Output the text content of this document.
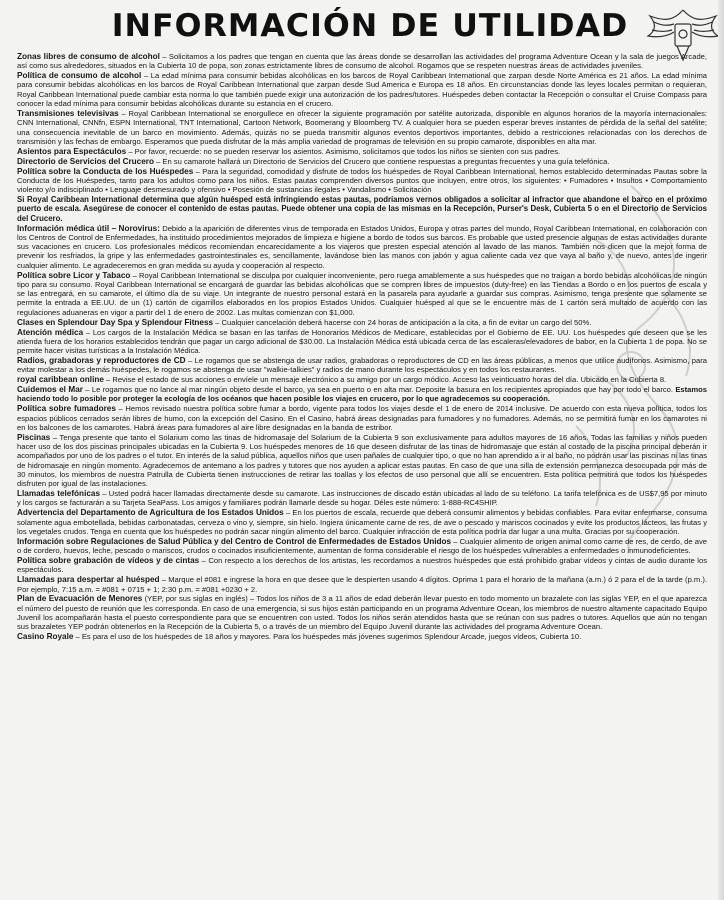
INFORMACIÓN DE UTILIDAD
Zonas libres de consumo de alcohol – Solicitamos a los padres que tengan en cuenta que las áreas donde se desarrollan las actividades del programa Adventure Ocean y la sala de juegos Arcade, así como sus alrededores, situados en la Cubierta 10 de popa, son zonas estrictamente libres de consumo de alcohol. Rogamos que se respeten nuestras áreas de actividades juveniles.
Política de consumo de alcohol – La edad mínima para consumir bebidas alcohólicas en los barcos de Royal Caribbean International que zarpan desde Norte América es 21 años. La edad mínima para consumir bebidas alcohólicas en los barcos de Royal Caribbean International que zarpan desde Sud America e Europa es 18 años. En circunstancias donde las leyes locales permitan o requieran, Royal Caribbean International puede cambiar esta norma lo que también puede exigir una autorización de los padres/tutores. Huéspedes deben contactar la Recepción o consultar el Cruise Compass para conocer la edad mínima para consumir bebidas alcohólicas durante su estancia en el crucero.
Transmisiones televisivas – Royal Caribbean International se enorgullece en ofrecer la siguiente programación por satélite autorizada, disponible en algunos horarios de la mayoría internacionales: CNN International, CNNfn, ESPN International, TNT International, Cartoon Network, Boomerang y Bloomberg TV. A cualquier hora se pueden esperar breves instantes de pérdida de la señal del satélite; una consecuencia inevitable de un barco en movimiento. Además, quizás no se pueda transmitir algunos eventos deportivos importantes, debido a restricciones relacionadas con los derechos de transmisión y las fechas de embargo. Esperamos que pueda disfrutar de la más amplia variedad de programas de televisión en su propio camarote, disponibles en alta mar.
Asientos para Espectáculos – Por favor, recuerde: no se pueden reservar los asientos. Asimismo, solicitamos que todos los niños se sienten con sus padres.
Directorio de Servicios del Crucero – En su camarote hallará un Directorio de Servicios del Crucero que contiene respuestas a preguntas frecuentes y una guía telefónica.
Política sobre la Conducta de los Huéspedes – Para la seguridad, comodidad y disfrute de todos los huéspedes de Royal Caribbean International, hemos establecido determinadas Pautas sobre la Conducta de los Huéspedes, tanto para los adultos como para los niños. Estas pautas comprenden diversos puntos que incluyen, entre otros, los siguientes: • Fumadores • Insultos • Comportamiento violento y/o indisciplinado • Lenguaje desmesurado y ofensivo • Posesión de sustancias ilegales • Vandalismo • Solicitación
Si Royal Caribbean International determina que algún huésped está infringiendo estas pautas, podríamos vernos obligados a solicitar al infractor que abandone el barco en el próximo puerto de escala. Asegúrese de conocer el contenido de estas pautas. Puede obtener una copia de las mismas en la Recepción, Purser's Desk, Cubierta 5 o en el Directorio de Servicios del Crucero.
Información médica útil – Norovirus: Debido a la aparición de diferentes virus de temporada en Estados Unidos, Europa y otras partes del mundo, Royal Caribbean International, en colaboración con los Centros de Control de Enfermedades, ha instituido procedimientos mejorados de limpieza e higiene a bordo de todos sus barcos. Es probable que usted presencie algunas de estas actividades durante sus vacaciones en crucero. Los profesionales médicos recomiendan encarecidamente a los viajeros que presten especial atención al lavado de las manos. También nos dicen que la mejor forma de prevenir los resfriados, la gripe y las enfermedades gastrointestinales es, sencillamente, lavándose bien las manos con jabón y agua caliente cada vez que vaya al baño y, de nuevo, antes de ingerir cualquier alimento. Le agradeceremos en gran medida su ayuda y cooperación al respecto.
Política sobre Licor y Tabaco – Royal Caribbean International se disculpa por cualquier inconveniente, pero ruega amablemente a sus huéspedes que no traigan a bordo bebidas alcohólicas de ningún tipo para su consumo. Royal Caribbean International se encargará de guardar las bebidas alcohólicas que se compren libres de impuestos (duty-free) en las Tiendas a Bordo o en los puertos de escala y se las entregará, en su camarote, el último día de su viaje. Un integrante de nuestro personal estará en la pasarela para ayudarle a guardar sus compras. Asimismo, tenga presente que solamente se permite la entrada a EE.UU. de un (1) cartón de cigarrillos elaborados en los propios Estados Unidos. Cualquier huésped al que se le encuentre más de 1 cartón será multado de acuerdo con las regulaciones aduaneras en vigor a partir del 1 de enero de 2002. Las multas comienzan con $1,000.
Clases en Splendour Day Spa y Splendour Fitness – Cualquier cancelación deberá hacerse con 24 horas de anticipación a la cita, a fin de evitar un cargo del 50%.
Atención médica – Los cargos de la Instalación Médica se basan en las tarifas de Honorarios Médicos de Medicare, establecidas por el Gobierno de EE. UU. Los huéspedes que deseen que se les atienda fuera de los horarios establecidos tendrán que pagar un cargo adicional de $30.00. La Instalación Médica está ubicada cerca de las escaleras/elevadores de babor, en la Cubierta 1 de popa. No se permite hacer visitas turísticas a la Instalación Médica.
Radios, grabadoras y reproductores de CD – Le rogamos que se abstenga de usar radios, grabadoras o reproductores de CD en las áreas públicas, a menos que utilice audífonos. Asimismo, para evitar molestar a los demás huéspedes, le rogamos se abstenga de usar "walkie-talkies" y radios de mano durante los espectáculos y en todos los restaurantes.
royal caribbean online – Revise el estado de sus acciones o envíele un mensaje electrónico a su amigo por un cargo módico. Acceso las veinticuatro horas del día. Ubicado en la Cubierta 8.
Cuidemos el Mar – Le rogamos que no lance al mar ningún objeto desde el barco, ya sea en puerto o en alta mar. Deposite la basura en los recipientes apropiados que hay por todo el barco. Estamos haciendo todo lo posible por proteger la ecología de los océanos que hacen posible los viajes en crucero, por lo que agradecemos su cooperación.
Política sobre fumadores – Hemos revisado nuestra política sobre fumar a bordo, vigente para todos los viajes desde el 1 de enero de 2014 inclusive. De acuerdo con esta nueva política, todos los espacios públicos cerrados serán libres de humo, con la excepción del Casino. En el Casino, habrá áreas designadas para fumadores y no fumadores. Además, no se permitirá fumar en los camarotes ni en los balcones de los camarotes. Habrá áreas para fumadores al aire libre designadas en la banda de estribor.
Piscinas – Tenga presente que tanto el Solarium como las tinas de hidromasaje del Solarium de la Cubierta 9 son exclusivamente para adultos mayores de 16 años. Todas las familias y niños pueden hacer uso de los dos piscinas principales ubicadas en la Cubierta 9. Los huéspedes menores de 16 que deseen disfrutar de las tinas de hidromasaje que están al costado de la piscina principal deberán ir acompañados por uno de los padres o el tutor. En interés de la salud pública, aquellos niños que usen pañales de cualquier tipo, o que no han aprendido a ir al baño, no podrán usar las piscinas ni las tinas de hidromasaje en ningún momento. Agradecemos de antemano a los padres y tutores que nos ayuden a aplicar estas pautas. En caso de que una silla de extensión permanezca desocupada por más de 30 minutos, los miembros de nuestra Patrulla de Cubierta tienen instrucciones de retirar las toallas y los efectos de uso personal que allí se encuentren. Esta política permitirá que todos los huéspedes disfruten por igual de las instalaciones.
Llamadas telefónicas – Usted podrá hacer llamadas directamente desde su camarote. Las instrucciones de discado están ubicadas al lado de su teléfono. La tarifa telefónica es de US$7,95 por minuto y los cargos se facturarán a su Tarjeta SeaPass. Los amigos y familiares podrán llamarle desde su hogar. Déles este número: 1-888-RC4SHIP.
Advertencia del Departamento de Agricultura de los Estados Unidos – En los puertos de escala, recuerde que deberá consumir alimentos y bebidas confiables. Para evitar enfermarse, consuma solamente agua embotellada, bebidas carbonatadas, cerveza o vino y, siempre, sin hielo. Ingiera únicamente carne de res, de ave o pescado y mariscos cocinados y evite los productos lácteos, las frutas y los vegetales crudos. Tenga en cuenta que los huéspedes no podrán sacar ningún alimento del barco. Cualquier infracción de esta política podría dar lugar a una multa. Gracias por su cooperación.
Información sobre Regulaciones de Salud Pública y del Centro de Control de Enfermedades de Estados Unidos – Cualquier alimento de origen animal como carne de res, de cerdo, de ave o de cordero, huevos, leche, pescado o mariscos, crudos o cocinados insuficientemente, aumentan de forma considerable el riesgo de los huéspedes vulnerables a enfermedades o inmunodeficientes.
Política sobre grabación de vídeos y de cintas – Con respecto a los derechos de los artistas, les recordamos a nuestros huéspedes que está prohibido grabar vídeos y cintas de audio durante los espectáculos.
Llamadas para despertar al huésped – Marque el #081 e ingrese la hora en que desee que le despierten usando 4 dígitos. Oprima 1 para el horario de la mañana (a.m.) ó 2 para el de la tarde (p.m.). Por ejemplo, 7:15 a.m. = #081 + 0715 + 1; 2:30 p.m. = #081 +0230 + 2.
Plan de Evacuación de Menores (YEP, por sus siglas en inglés) – Todos los niños de 3 a 11 años de edad deberán llevar puesto en todo momento un brazalete con las siglas YEP, en el que aparezca el número del puesto de reunión que les corresponda. En caso de una emergencia, si sus hijos están participando en un programa Adventure Ocean, los miembros de nuestro altamente capacitado Equipo Juvenil los acompañarán hasta el puesto correspondiente para que se encuentren con usted. Todos los niños serán atendidos hasta que se reúnan con sus padres o tutores. Aquellos que aún no tengan sus brazaletes YEP podrán obtenerlos en la Recepción de la Cubierta 5, o a través de un miembro del Equipo Juvenil durante las actividades del programa Adventure Ocean.
Casino Royale – Es para el uso de los huéspedes de 18 años y mayores. Para los huéspedes más jóvenes sugerimos Splendour Arcade, juegos vídeos, Cubierta 10.
